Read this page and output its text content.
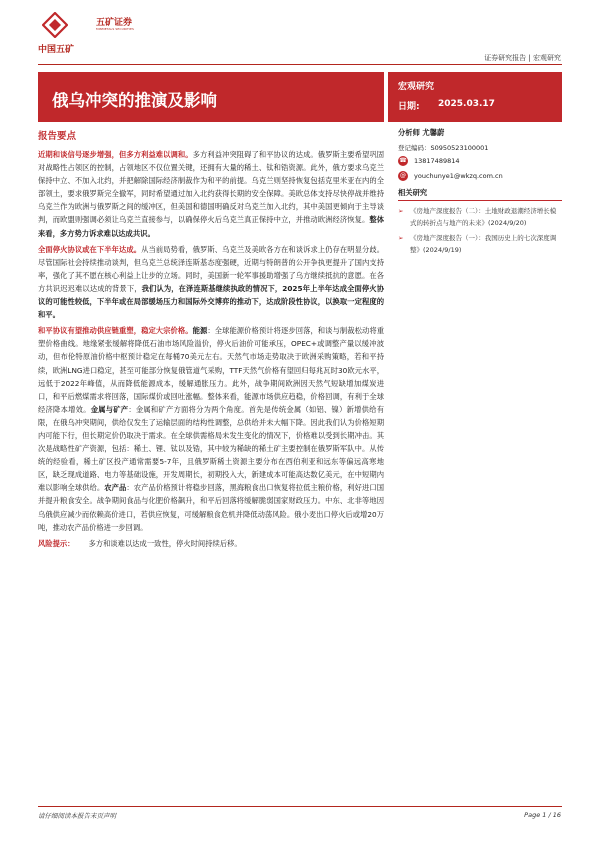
五矿证券
MINMETALS SECURITIES
中国五矿
证券研究报告 | 宏观研究
俄乌冲突的推演及影响
宏观研究
日期: 2025.03.17
报告要点

近期和谈信号逐步增强，但多方利益难以调和。多方利益冲突阻碍了和平协议的达成。俄罗斯主要希望巩固对战略性占领区的控制，占领地区不仅位置关键，还拥有大量的稀土、钛和锆资源。此外，俄方要求乌克兰保持中立、不加入北约，并把解除国际经济制裁作为和平的前提。乌克兰则坚持恢复包括克里米亚在内的全部领土，要求俄罗斯完全撤军，同时希望通过加入北约获得长期的安全保障。美欧总体支持尽快停战并维持乌克兰作为欧洲与俄罗斯之间的缓冲区，但美国和德国明确反对乌克兰加入北约，其中美国更倾向于主导谈判，而欧盟则强调必须让乌克兰直接参与，以确保停火后乌克兰真正保持中立，并推动欧洲经济恢复。整体来看，多方势力诉求难以达成共识。

全面停火协议或在下半年达成。从当前局势看，俄罗斯、乌克兰及美欧各方在和谈诉求上仍存在明显分歧。尽管国际社会持续推动谈判，但乌克兰总统泽连斯基态度强硬，近期与特朗普的公开争执更提升了国内支持率，强化了其不愿在核心利益上让步的立场。同时，美国新一轮军事援助增强了乌方继续抵抗的意愿。在各方共识迟迟难以达成的背景下，我们认为，在泽连斯基继续执政的情况下，2025年上半年达成全面停火协议的可能性较低，下半年或在局部缓场压力和国际外交博弈的推动下，达成阶段性协议，以换取一定程度的和平。

和平协议有望推动供应链重塑，稳定大宗价格。能源：全球能源价格预计将逐步回落，和谈与制裁松动将重塑价格曲线。地缘紧张缓解将降低石油市场风险溢价，停火后油价可能承压，OPEC+或调整产量以缓冲波动，但布伦特原油价格中枢预计稳定在每桶70美元左右。天然气市场走势取决于欧洲采购策略，若和平持续，欧洲LNG进口稳定，甚至可能部分恢复俄管道气采购，TTF天然气价格有望回归每兆瓦时30欧元水平，远低于2022年峰值，从而降低能源成本，缓解通胀压力。此外，战争期间欧洲因天然气短缺增加煤炭进口，和平后燃煤需求将回落，国际煤价或回吐涨幅。整体来看，能源市场供应趋稳，价格回调，有利于全球经济降本增效。金属与矿产：金属和矿产方面将分为两个角度。首先是传统金属（如铝、镍）新增供给有限，在俄乌冲突期间，供给仅发生了运输层面的结构性调整，总供给并未大幅下降。因此我们认为价格短期内可能下行，但长期定价仍取决于需求。在全球供需格局未发生变化的情况下，价格难以受到长期冲击。其次是战略性矿产资源，包括：稀土、锂、钛以及锆，其中较为稀缺的稀土矿主要控制在俄罗斯军队中。从传统的经验看，稀土矿区投产通常需要5-7年，且俄罗斯稀土资源主要分布在西伯利亚和远东等偏远高寒地区，缺乏现成道路、电力等基础设施，开发周期长，初期投入大，新建成本可能高达数亿美元，在中短期内难以影响全球供给。农产品：农产品价格预计将稳步回落，黑海粮食出口恢复将拉低主粮价格，利好进口国并提升粮食安全。战争期间食品与化肥价格飙升，和平后回落将缓解脆弱国家财政压力。中东、北非等地因乌俄供应减少而依赖高价进口，若供应恢复，可缓解粮食危机并降低动荡风险。俄小麦出口停火后或增20万吨，推动农产品价格进一步回调。

风险提示： 多方和谈难以达成一致性，停火时间持续后移。
分析师 尤馨蔚
登记编码：S0950523100001
☎ 13817489814
@	youchunye1@wkzq.com.cn
相关研究
➢ 《房地产深度报告（二）：土地财政退潮经济增长模式的转折点与地产的未来》(2024/9/20)
➢ 《房地产深度报告（一）：我国历史上的七次深度调整》(2024/9/19)
请仔细阅读本报告末页声明	Page 1 / 16
